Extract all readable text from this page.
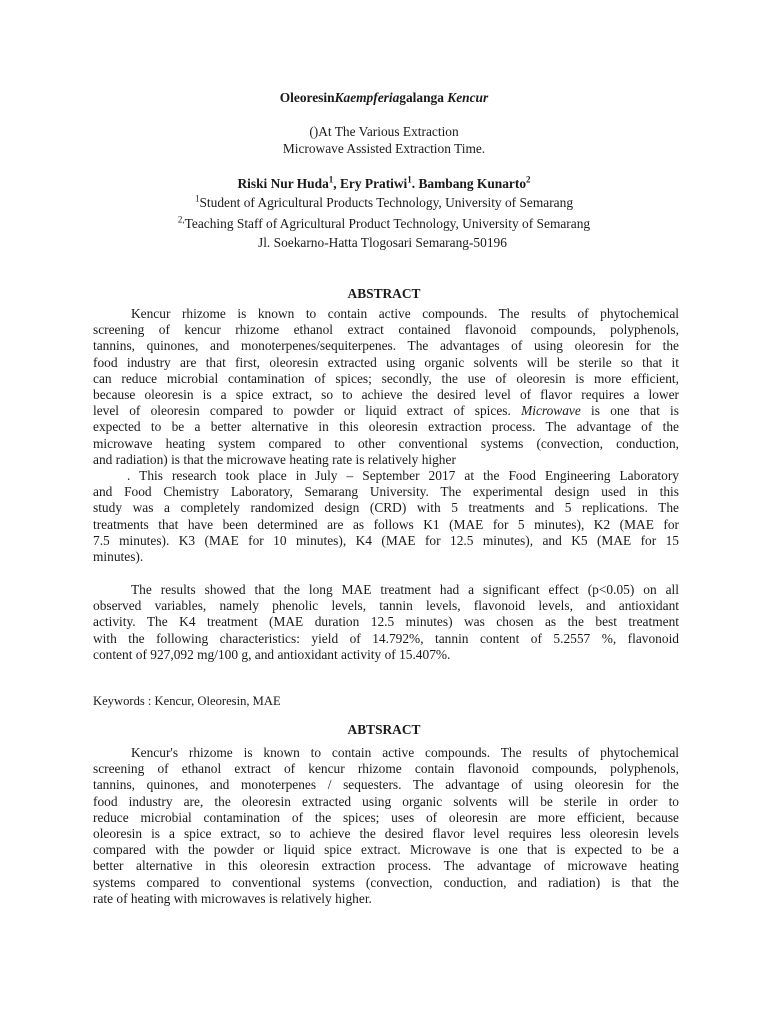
OleoresinKaempferiagalanga Kencur
()At The Various Extraction
Microwave Assisted Extraction Time.
Riski Nur Huda$^1$, Ery Pratiwi$^1$. Bambang Kunarto$^2$
$^1$Student of Agricultural Products Technology, University of Semarang
$^{2,}$Teaching Staff of Agricultural Product Technology, University of Semarang
Jl. Soekarno-Hatta Tlogosari Semarang-50196
ABSTRACT
Kencur rhizome is known to contain active compounds. The results of phytochemical
screening of kencur rhizome ethanol extract contained flavonoid compounds, polyphenols,
tannins, quinones, and monoterpenes/sequiterpenes. The advantages of using oleoresin for the
food industry are that first, oleoresin extracted using organic solvents will be sterile so that it
can reduce microbial contamination of spices; secondly, the use of oleoresin is more efficient,
because oleoresin is a spice extract, so to achieve the desired level of flavor requires a lower
level of oleoresin compared to powder or liquid extract of spices. Microwave is one that is
expected to be a better alternative in this oleoresin extraction process. The advantage of the
microwave heating system compared to other conventional systems (convection, conduction,
and radiation) is that the microwave heating rate is relatively higher
. This research took place in July – September 2017 at the Food Engineering Laboratory
and Food Chemistry Laboratory, Semarang University. The experimental design used in this
study was a completely randomized design (CRD) with 5 treatments and 5 replications. The
treatments that have been determined are as follows K1 (MAE for 5 minutes), K2 (MAE for
7.5 minutes). K3 (MAE for 10 minutes), K4 (MAE for 12.5 minutes), and K5 (MAE for 15
minutes).
The results showed that the long MAE treatment had a significant effect (p<0.05) on all
observed variables, namely phenolic levels, tannin levels, flavonoid levels, and antioxidant
activity. The K4 treatment (MAE duration 12.5 minutes) was chosen as the best treatment
with the following characteristics: yield of 14.792%, tannin content of 5.2557 %, flavonoid
content of 927,092 mg/100 g, and antioxidant activity of 15.407%.
Keywords : Kencur, Oleoresin, MAE
ABTSRACT
Kencur's rhizome is known to contain active compounds. The results of phytochemical
screening of ethanol extract of kencur rhizome contain flavonoid compounds, polyphenols,
tannins, quinones, and monoterpenes / sequesters. The advantage of using oleoresin for the
food industry are, the oleoresin extracted using organic solvents will be sterile in order to
reduce microbial contamination of the spices; uses of oleoresin are more efficient, because
oleoresin is a spice extract, so to achieve the desired flavor level requires less oleoresin levels
compared with the powder or liquid spice extract. Microwave is one that is expected to be a
better alternative in this oleoresin extraction process. The advantage of microwave heating
systems compared to conventional systems (convection, conduction, and radiation) is that the
rate of heating with microwaves is relatively higher.
